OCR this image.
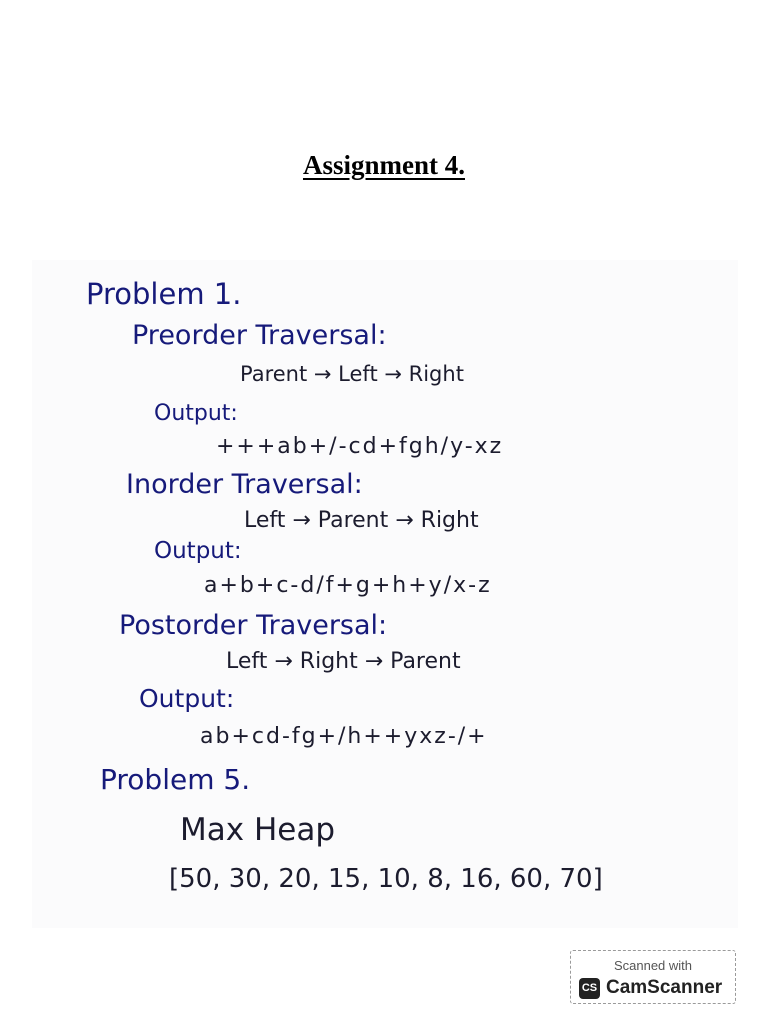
Assignment 4.
Problem 1.
Preorder Traversal:
Parent → Left → Right
Output:
+++ab+/-cd+fgh/y-xz
Inorder Traversal:
Left → Parent → Right
Output:
a+b+c-d/f+g+h+y/x-z
Postorder Traversal:
Left → Right → Parent
Output:
ab+cd-fg+/h++yxz-/+
Problem 5.
Max Heap
[50, 30, 20, 15, 10, 8, 16, 60, 70]
Scanned with
CS CamScanner
